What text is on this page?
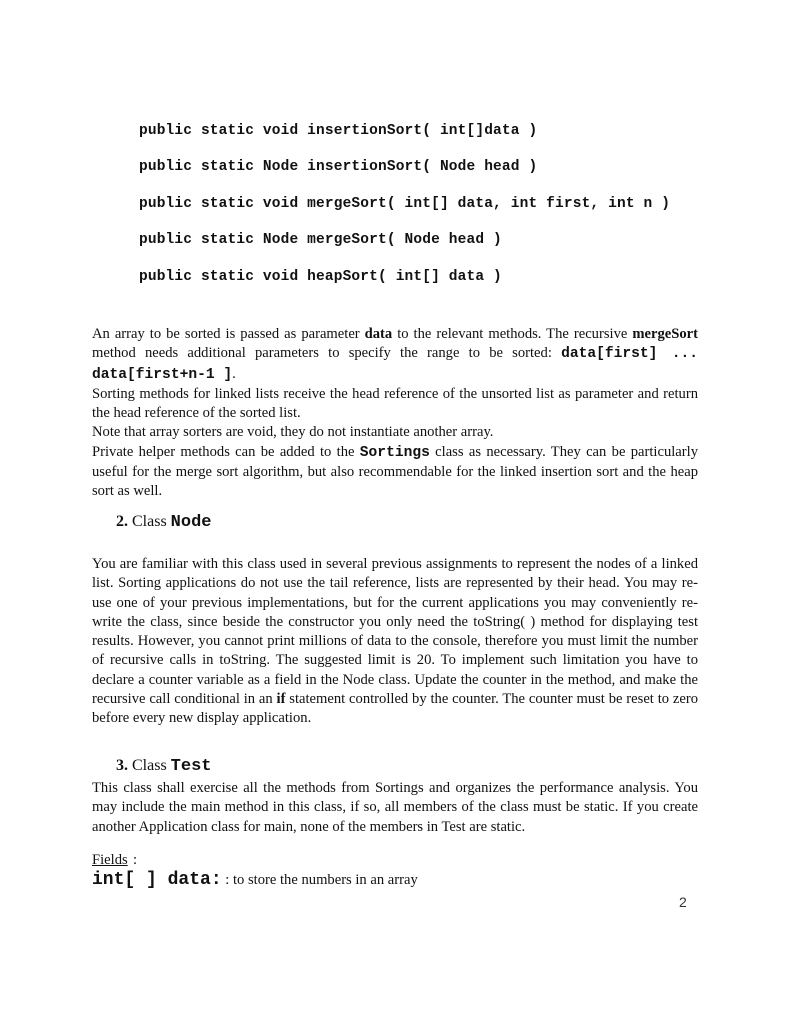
public static void insertionSort( int[]data )
public static Node insertionSort( Node head )
public static void mergeSort( int[] data, int first, int n )
public static Node mergeSort( Node head )
public static void heapSort( int[] data )

An array to be sorted is passed as parameter data to the relevant methods. The recursive mergeSort method needs additional parameters to specify the range to be sorted: data[first] ... data[first+n-1 ].

Sorting methods for linked lists receive the head reference of the unsorted list as parameter and return the head reference of the sorted list.

Note that array sorters are void, they do not instantiate another array.

Private helper methods can be added to the Sortings class as necessary. They can be particularly useful for the merge sort algorithm, but also recommendable for the linked insertion sort and the heap sort as well.

2. Class Node

You are familiar with this class used in several previous assignments to represent the nodes of a linked list. Sorting applications do not use the tail reference, lists are represented by their head. You may re-use one of your previous implementations, but for the current applications you may conveniently re-write the class, since beside the constructor you only need the toString( ) method for displaying test results. However, you cannot print millions of data to the console, therefore you must limit the number of recursive calls in toString. The suggested limit is 20. To implement such limitation you have to declare a counter variable as a field in the Node class. Update the counter in the method, and make the recursive call conditional in an if statement controlled by the counter. The counter must be reset to zero before every new display application.

3. Class Test

This class shall exercise all the methods from Sortings and organizes the performance analysis. You may include the main method in this class, if so, all members of the class must be static. If you create another Application class for main, none of the members in Test are static.

Fields :
int[ ] data: : to store the numbers in an array
2
